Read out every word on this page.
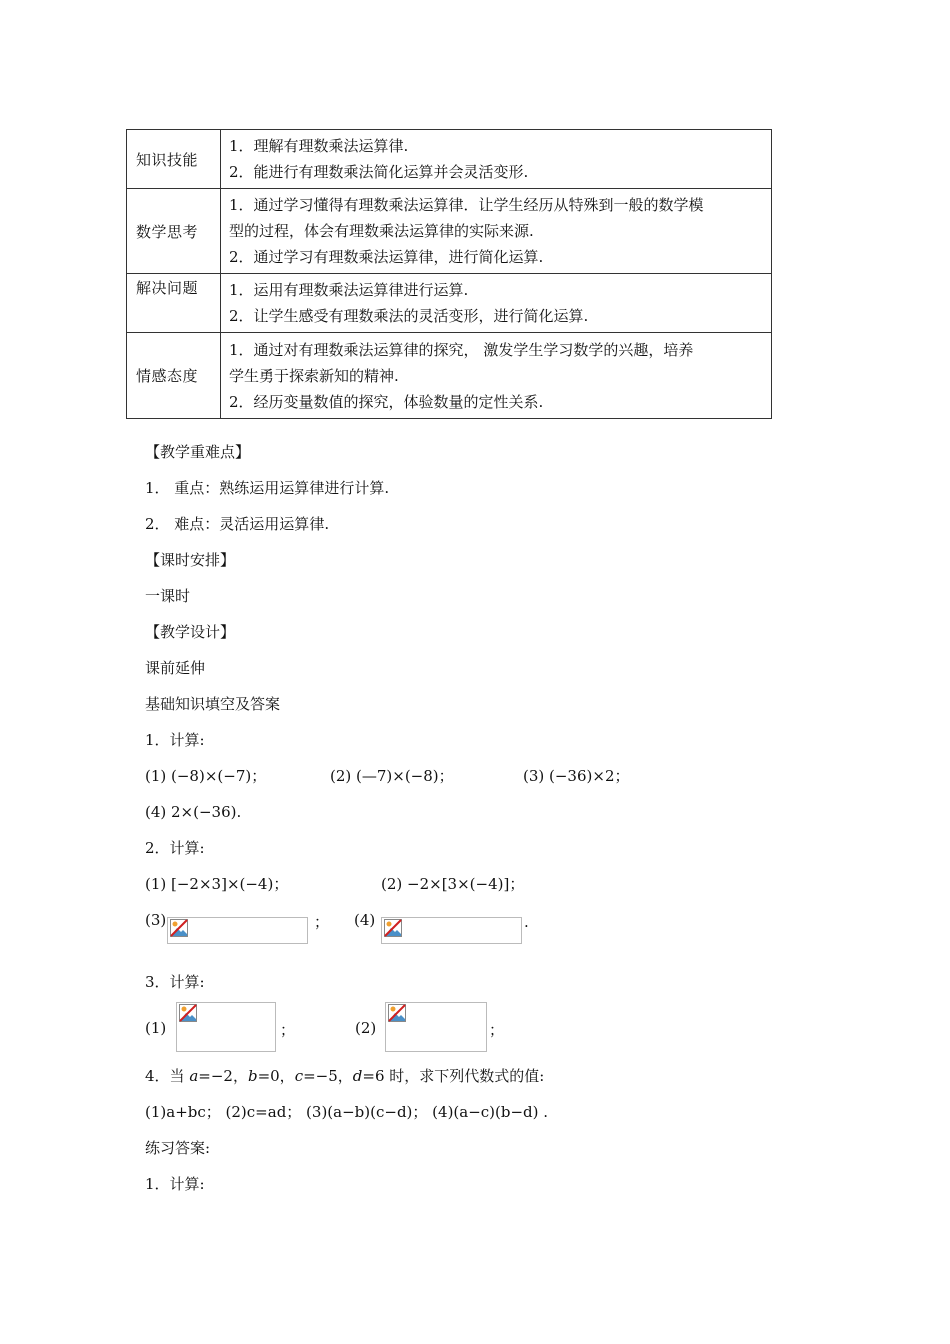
知识技能	1．理解有理数乘法运算律.
2．能进行有理数乘法简化运算并会灵活变形.

数学思考	1．通过学习懂得有理数乘法运算律．让学生经历从特殊到一般的数学模
型的过程，体会有理数乘法运算律的实际来源.
2．通过学习有理数乘法运算律，进行简化运算.

解决问题	1．运用有理数乘法运算律进行运算.
2．让学生感受有理数乘法的灵活变形，进行简化运算.

情感态度	1．通过对有理数乘法运算律的探究， 激发学生学习数学的兴趣，培养
学生勇于探索新知的精神.
2．经历变量数值的探究，体验数量的定性关系.
【教学重难点】
1． 重点：熟练运用运算律进行计算.
2． 难点：灵活运用运算律.
【课时安排】
一课时
【教学设计】
课前延伸
基础知识填空及答案
1．计算:
(1) (−8)×(−7)；	(2) (—7)×(−8)；	(3) (−36)×2；
(4) 2×(−36).
2．计算:
(1) [−2×3]×(−4)；	(2) −2×[3×(−4)]；
(3)	； (4)	.
3．计算:
(1)	；	(2)	；
4．当 a=−2，b=0，c=−5，d=6 时，求下列代数式的值:
(1)a+bc； (2)c=ad； (3)(a−b)(c−d)； (4)(a−c)(b−d) .
练习答案:
1．计算:
